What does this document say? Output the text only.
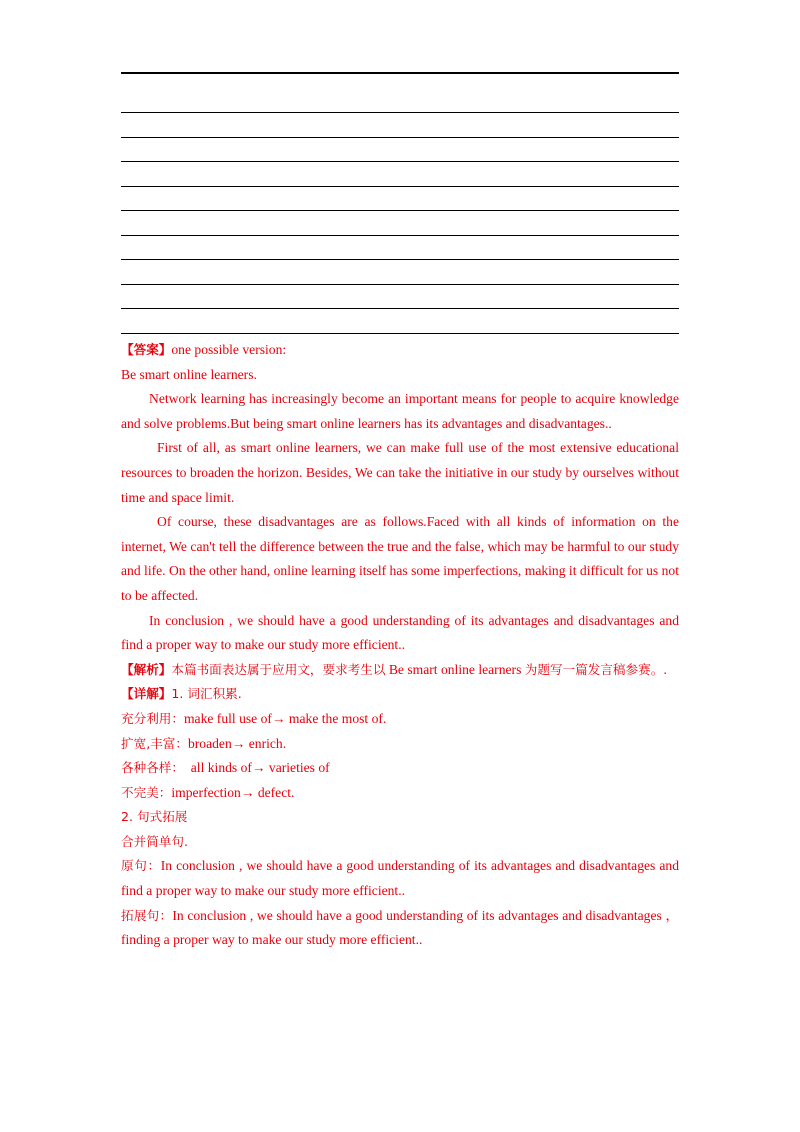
【答案】one possible version:
Be smart online learners.

Network learning has increasingly become an important means for people to acquire knowledge and solve problems.But being smart online learners has its advantages and disadvantages..

First of all, as smart online learners, we can make full use of the most extensive educational resources to broaden the horizon. Besides, We can take the initiative in our study by ourselves without time and space limit.

Of course, these disadvantages are as follows.Faced with all kinds of information on the internet, We can't tell the difference between the true and the false, which may be harmful to our study and life. On the other hand, online learning itself has some imperfections, making it difficult for us not to be affected.

In conclusion , we should have a good understanding of its advantages and disadvantages and find a proper way to make our study more efficient..

【解析】本篇书面表达属于应用文，要求考生以 Be smart online learners 为题写一篇发言稿参赛。.

【详解】1. 词汇积累.
充分利用：make full use of→ make the most of.
扩宽,丰富：broaden→ enrich.
各种各样：  all kinds of→ varieties of
不完美：imperfection→ defect.
2. 句式拓展
合并简单句.

原句：In conclusion , we should have a good understanding of its advantages and disadvantages and find a proper way to make our study more efficient..

拓展句：In conclusion , we should have a good understanding of its advantages and disadvantages ， finding a proper way to make our study more efficient..
